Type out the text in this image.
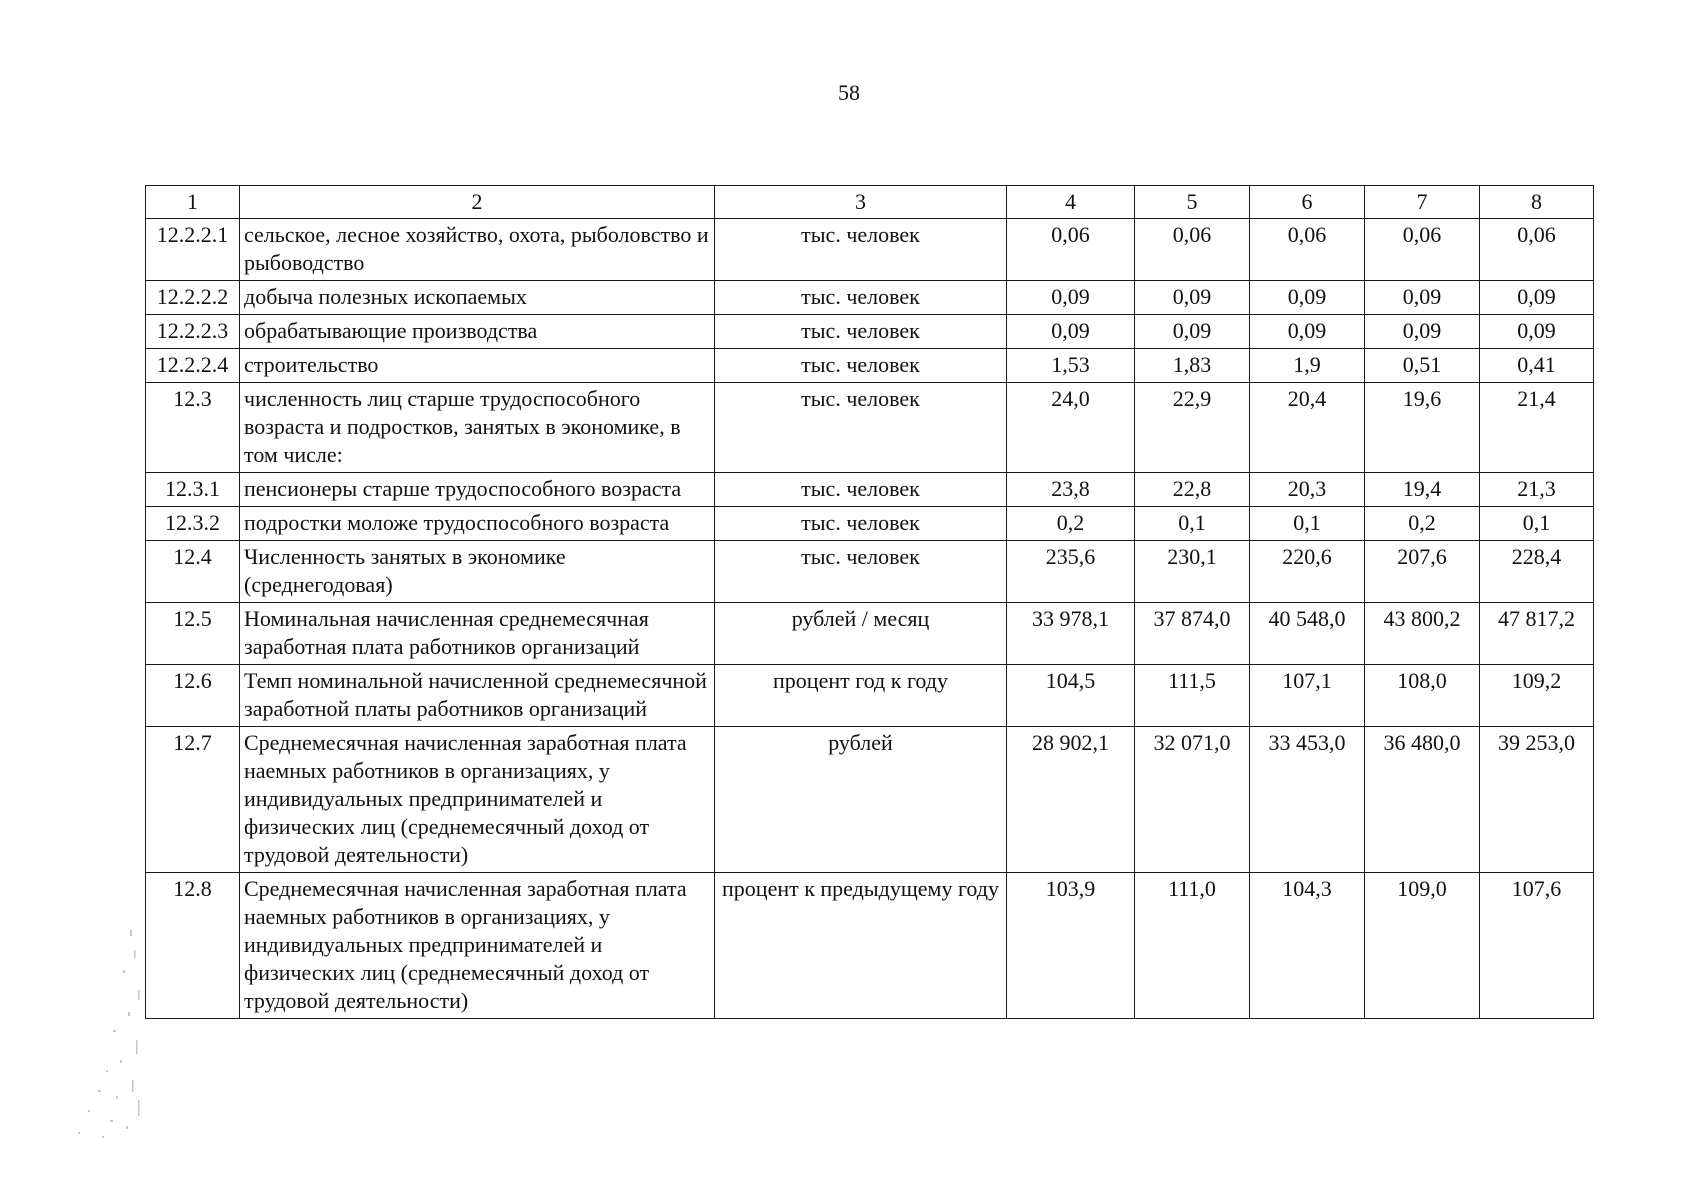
58
1	2	3	4	5	6	7	8
12.2.2.1	сельское, лесное хозяйство, охота, рыболовство и рыбоводство	тыс. человек	0,06	0,06	0,06	0,06	0,06
12.2.2.2	добыча полезных ископаемых	тыс. человек	0,09	0,09	0,09	0,09	0,09
12.2.2.3	обрабатывающие производства	тыс. человек	0,09	0,09	0,09	0,09	0,09
12.2.2.4	строительство	тыс. человек	1,53	1,83	1,9	0,51	0,41
12.3	численность лиц старше трудоспособного возраста и подростков, занятых в экономике, в том числе:	тыс. человек	24,0	22,9	20,4	19,6	21,4
12.3.1	пенсионеры старше трудоспособного возраста	тыс. человек	23,8	22,8	20,3	19,4	21,3
12.3.2	подростки моложе трудоспособного возраста	тыс. человек	0,2	0,1	0,1	0,2	0,1
12.4	Численность занятых в экономике (среднегодовая)	тыс. человек	235,6	230,1	220,6	207,6	228,4
12.5	Номинальная начисленная среднемесячная заработная плата работников организаций	рублей / месяц	33 978,1	37 874,0	40 548,0	43 800,2	47 817,2
12.6	Темп номинальной начисленной среднемесячной заработной платы работников организаций	процент год к году	104,5	111,5	107,1	108,0	109,2
12.7	Среднемесячная начисленная заработная плата наемных работников в организациях, у индивидуальных предпринимателей и физических лиц (среднемесячный доход от трудовой деятельности)	рублей	28 902,1	32 071,0	33 453,0	36 480,0	39 253,0
12.8	Среднемесячная начисленная заработная плата наемных работников в организациях, у индивидуальных предпринимателей и физических лиц (среднемесячный доход от трудовой деятельности)	процент к предыдущему году	103,9	111,0	104,3	109,0	107,6
